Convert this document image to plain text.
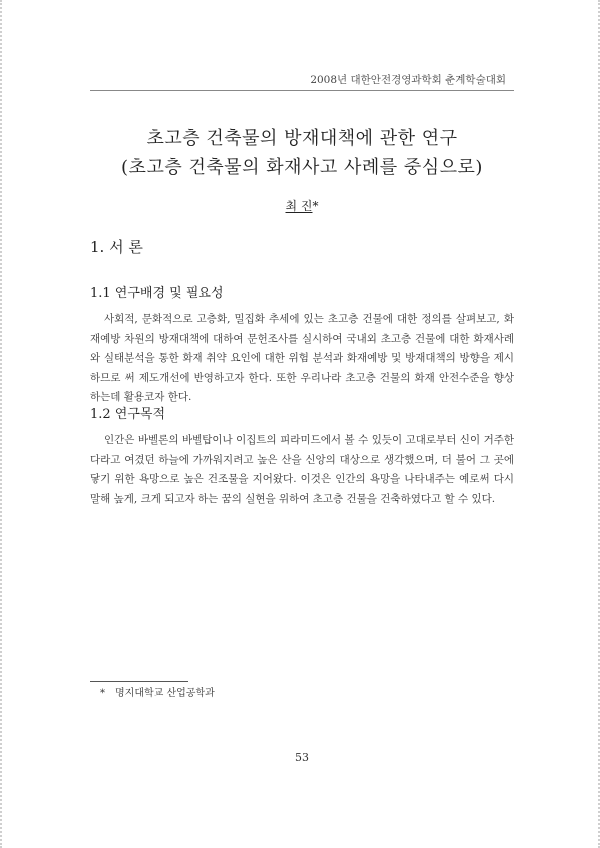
2008년 대한안전경영과학회 춘계학술대회
초고층 건축물의 방재대책에 관한 연구
(초고층 건축물의 화재사고 사례를 중심으로)
최 진*
1. 서 론
1.1 연구배경 및 필요성
사회적, 문화적으로 고층화, 밀집화 추세에 있는 초고층 건물에 대한 정의를 살펴보고, 화재예방 차원의 방재대책에 대하여 문헌조사를 실시하여 국내외 초고층 건물에 대한 화재사례와 실태분석을 통한 화재 취약 요인에 대한 위험 분석과 화재예방 및 방재대책의 방향을 제시하므로 써 제도개선에 반영하고자 한다. 또한 우리나라 초고층 건물의 화재 안전수준을 향상하는데 활용코자 한다.
1.2 연구목적
인간은 바벨론의 바벨탑이나 이집트의 피라미드에서 볼 수 있듯이 고대로부터 신이 거주한다라고 여겼던 하늘에 가까워지려고 높은 산을 신앙의 대상으로 생각했으며, 더 불어 그 곳에 닿기 위한 욕망으로 높은 건조물을 지어왔다. 이것은 인간의 욕망을 나타내주는 예로써 다시말해 높게, 크게 되고자 하는 꿈의 실현을 위하여 초고층 건물을 건축하였다고 할 수 있다.
* 명지대학교 산업공학과
53
